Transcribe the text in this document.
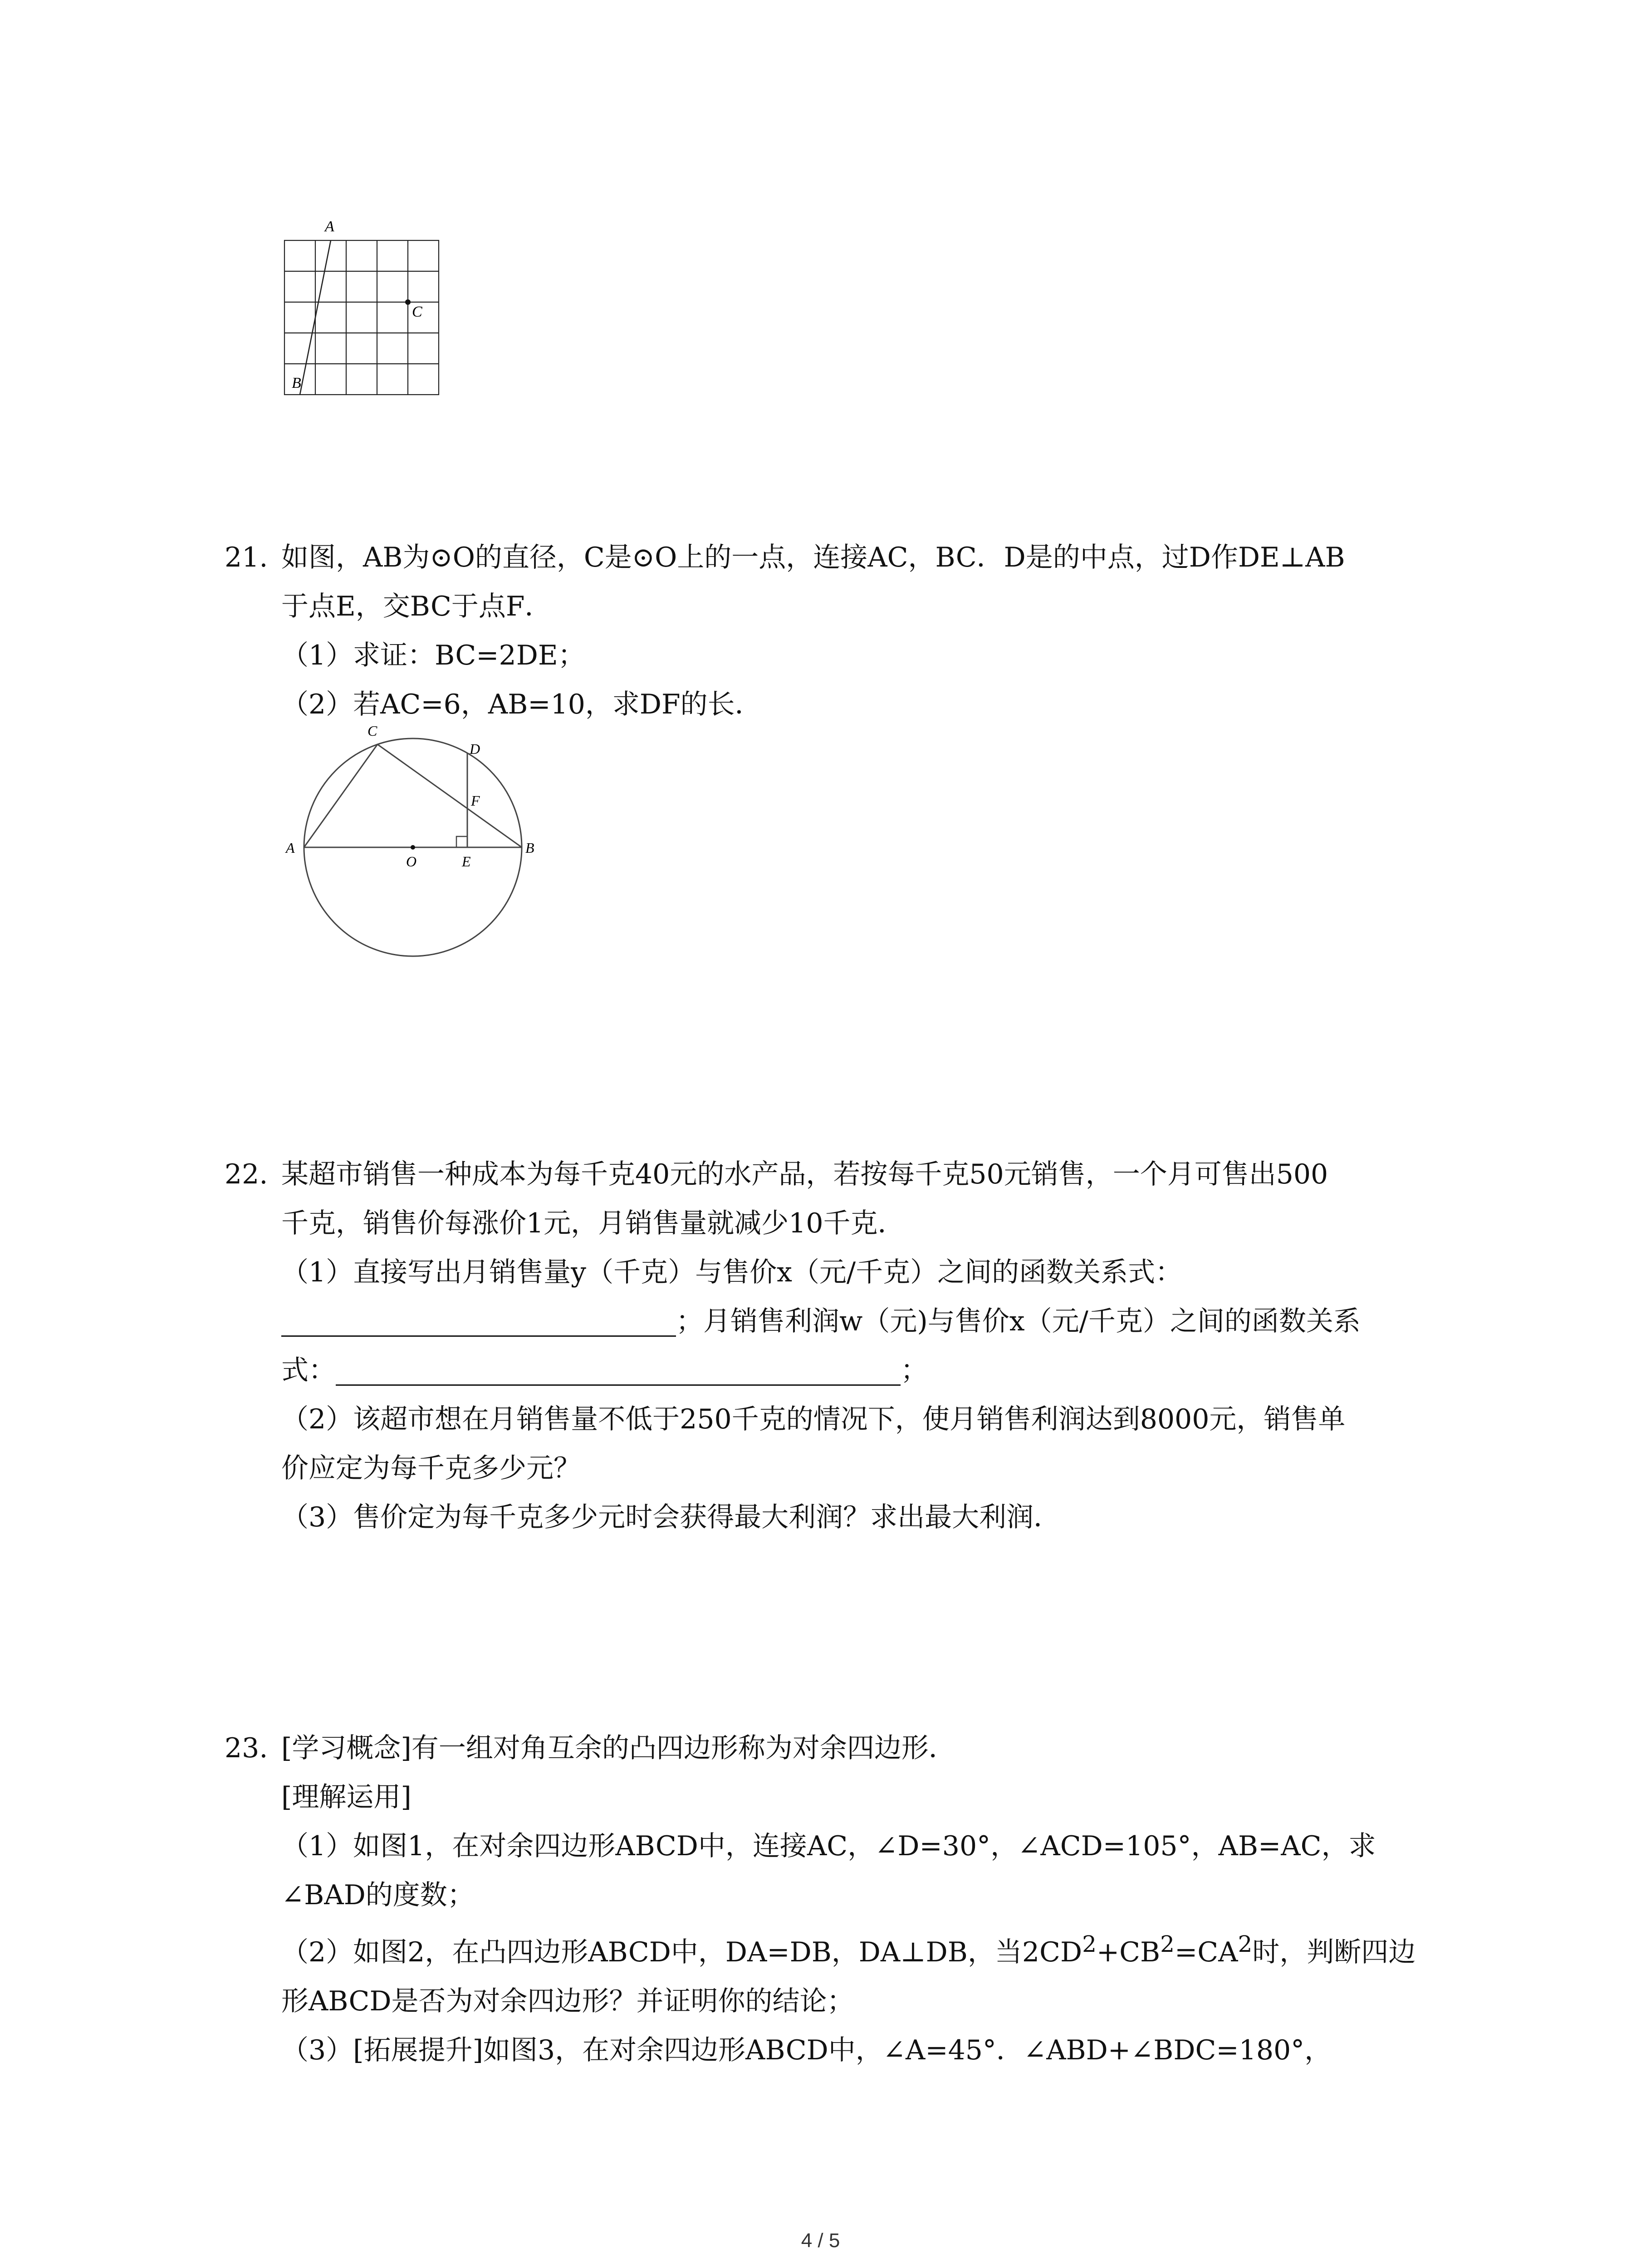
A
B
C
21. 如图，AB为⊙O的直径，C是⊙O上的一点，连接AC，BC．D是的中点，过D作DE⊥AB
于点E，交BC于点F．
（1）求证：BC=2DE；
（2）若AC=6，AB=10，求DF的长．
C
D
F
A
O	E
B
22. 某超市销售一种成本为每千克40元的水产品，若按每千克50元销售，一个月可售出500
千克，销售价每涨价1元，月销售量就减少10千克．
（1）直接写出月销售量y（千克）与售价x（元/千克）之间的函数关系式：
；月销售利润w（元)与售价x（元/千克）之间的函数关系
式：	；
（2）该超市想在月销售量不低于250千克的情况下，使月销售利润达到8000元，销售单
价应定为每千克多少元？
（3）售价定为每千克多少元时会获得最大利润？求出最大利润．
23. [学习概念]有一组对角互余的凸四边形称为对余四边形．
[理解运用]
（1）如图1，在对余四边形ABCD中，连接AC，∠D=30°，∠ACD=105°，AB=AC，求
∠BAD的度数；
（2）如图2，在凸四边形ABCD中，DA=DB，DA⊥DB，当$2CD^2+CB^2=CA^2$时，判断四边
形ABCD是否为对余四边形？并证明你的结论；
（3）[拓展提升]如图3，在对余四边形ABCD中，∠A=45°．∠ABD+∠BDC=180°，
4 / 5
